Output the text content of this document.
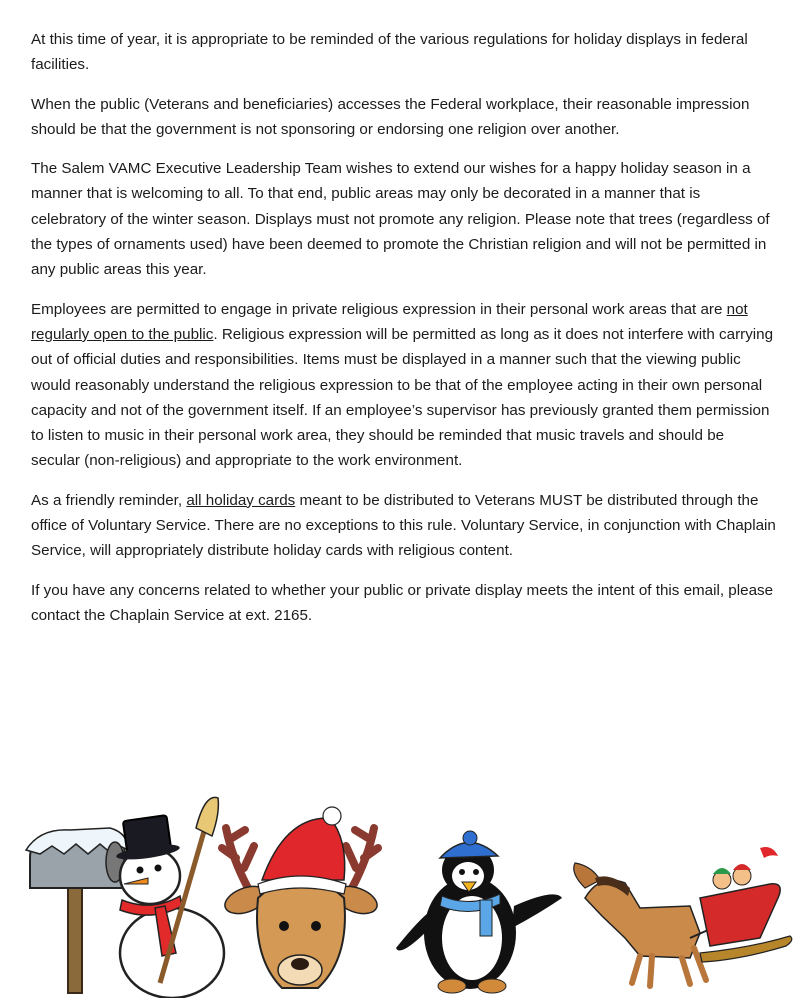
At this time of year, it is appropriate to be reminded of the various regulations for holiday displays in federal facilities.

When the public (Veterans and beneficiaries) accesses the Federal workplace, their reasonable impression should be that the government is not sponsoring or endorsing one religion over another.

The Salem VAMC Executive Leadership Team wishes to extend our wishes for a happy holiday season in a manner that is welcoming to all. To that end, public areas may only be decorated in a manner that is celebratory of the winter season. Displays must not promote any religion. Please note that trees (regardless of the types of ornaments used) have been deemed to promote the Christian religion and will not be permitted in any public areas this year.

Employees are permitted to engage in private religious expression in their personal work areas that are not regularly open to the public. Religious expression will be permitted as long as it does not interfere with carrying out of official duties and responsibilities. Items must be displayed in a manner such that the viewing public would reasonably understand the religious expression to be that of the employee acting in their own personal capacity and not of the government itself. If an employee’s supervisor has previously granted them permission to listen to music in their personal work area, they should be reminded that music travels and should be secular (non-religious) and appropriate to the work environment.

As a friendly reminder, all holiday cards meant to be distributed to Veterans MUST be distributed through the office of Voluntary Service. There are no exceptions to this rule. Voluntary Service, in conjunction with Chaplain Service, will appropriately distribute holiday cards with religious content.

If you have any concerns related to whether your public or private display meets the intent of this email, please contact the Chaplain Service at ext. 2165.
